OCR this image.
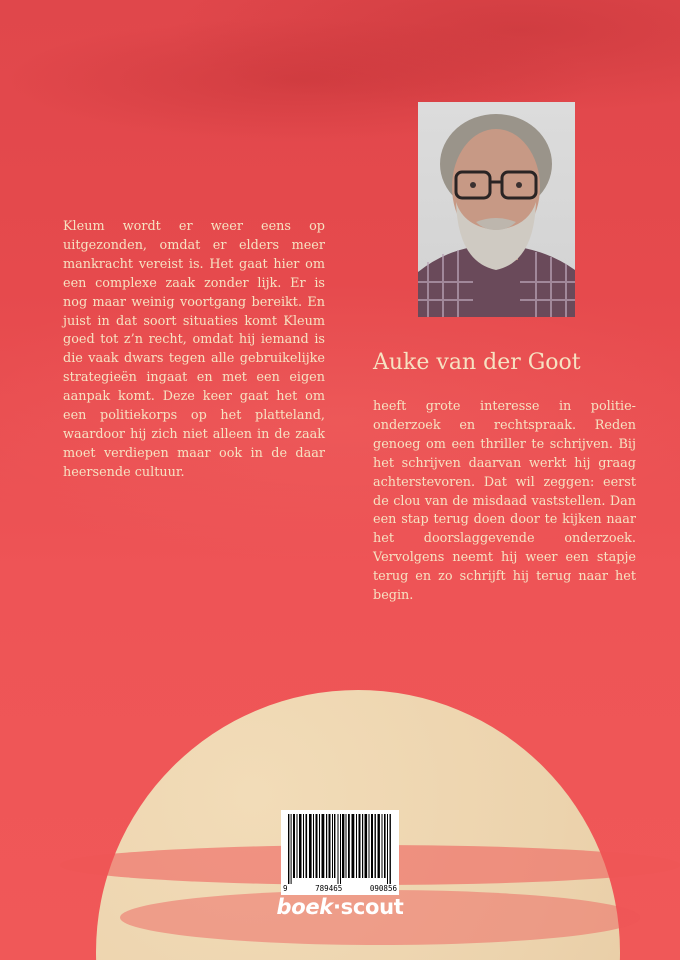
Kleum wordt er weer eens op uitgezonden, omdat er elders meer mankracht vereist is. Het gaat hier om een complexe zaak zonder lijk. Er is nog maar weinig voortgang bereikt. En juist in dat soort situaties komt Kleum goed tot z’n recht, omdat hij iemand is die vaak dwars tegen alle gebruikelijke strategieën ingaat en met een eigen aanpak komt. Deze keer gaat het om een politiekorps op het platteland, waardoor hij zich niet alleen in de zaak moet verdiepen maar ook in de daar heersende cultuur.

Auke van der Goot

heeft grote interesse in politie-onderzoek en rechtspraak. Reden genoeg om een thriller te schrijven. Bij het schrijven daarvan werkt hij graag achterstevoren. Dat wil zeggen: eerst de clou van de misdaad vaststellen. Dan een stap terug doen door te kijken naar het doorslaggevende onderzoek. Vervolgens neemt hij weer een stapje terug en zo schrijft hij terug naar het begin.

9	789465	090856
boek·scout
